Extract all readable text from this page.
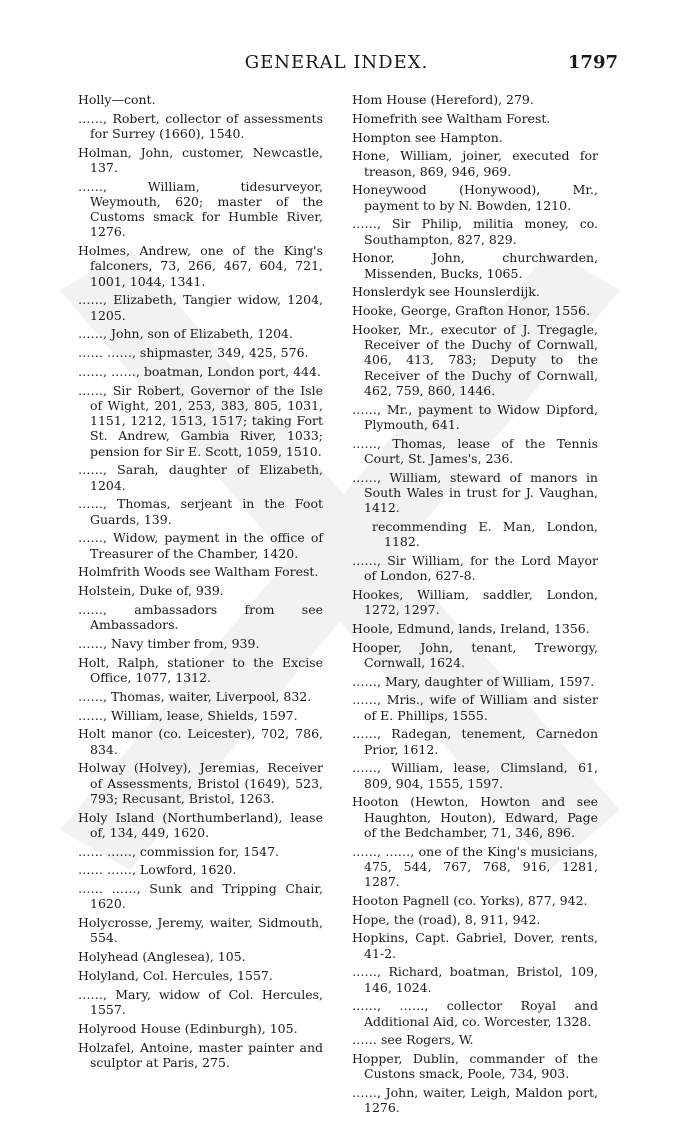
GENERAL INDEX.	1797
Holly—cont.
……, Robert, collector of assessments for Surrey (1660), 1540.
Holman, John, customer, Newcastle, 137.
……, William, tidesurveyor, Weymouth, 620; master of the Customs smack for Humble River, 1276.
Holmes, Andrew, one of the King's falconers, 73, 266, 467, 604, 721, 1001, 1044, 1341.
……, Elizabeth, Tangier widow, 1204, 1205.
……, John, son of Elizabeth, 1204.
…… ……, shipmaster, 349, 425, 576.
……, ……, boatman, London port, 444.
……, Sir Robert, Governor of the Isle of Wight, 201, 253, 383, 805, 1031, 1151, 1212, 1513, 1517; taking Fort St. Andrew, Gambia River, 1033; pension for Sir E. Scott, 1059, 1510.
……, Sarah, daughter of Elizabeth, 1204.
……, Thomas, serjeant in the Foot Guards, 139.
……, Widow, payment in the office of Treasurer of the Chamber, 1420.
Holmfrith Woods see Waltham Forest.
Holstein, Duke of, 939.
……, ambassadors from see Ambassadors.
……, Navy timber from, 939.
Holt, Ralph, stationer to the Excise Office, 1077, 1312.
……, Thomas, waiter, Liverpool, 832.
……, William, lease, Shields, 1597.
Holt manor (co. Leicester), 702, 786, 834.
Holway (Holvey), Jeremias, Receiver of Assessments, Bristol (1649), 523, 793; Recusant, Bristol, 1263.
Holy Island (Northumberland), lease of, 134, 449, 1620.
…… ……, commission for, 1547.
…… ……, Lowford, 1620.
…… ……, Sunk and Tripping Chair, 1620.
Holycrosse, Jeremy, waiter, Sidmouth, 554.
Holyhead (Anglesea), 105.
Holyland, Col. Hercules, 1557.
……, Mary, widow of Col. Hercules, 1557.
Holyrood House (Edinburgh), 105.
Holzafel, Antoine, master painter and sculptor at Paris, 275.
Hom House (Hereford), 279.
Homefrith see Waltham Forest.
Hompton see Hampton.
Hone, William, joiner, executed for treason, 869, 946, 969.
Honeywood (Honywood), Mr., payment to by N. Bowden, 1210.
……, Sir Philip, militia money, co. Southampton, 827, 829.
Honor, John, churchwarden, Missenden, Bucks, 1065.
Honslerdyk see Hounslerdijk.
Hooke, George, Grafton Honor, 1556.
Hooker, Mr., executor of J. Tregagle, Receiver of the Duchy of Cornwall, 406, 413, 783; Deputy to the Receiver of the Duchy of Cornwall, 462, 759, 860, 1446.
……, Mr., payment to Widow Dipford, Plymouth, 641.
……, Thomas, lease of the Tennis Court, St. James's, 236.
……, William, steward of manors in South Wales in trust for J. Vaughan, 1412.
recommending E. Man, London, 1182.
……, Sir William, for the Lord Mayor of London, 627-8.
Hookes, William, saddler, London, 1272, 1297.
Hoole, Edmund, lands, Ireland, 1356.
Hooper, John, tenant, Treworgy, Cornwall, 1624.
……, Mary, daughter of William, 1597.
……, Mris., wife of William and sister of E. Phillips, 1555.
……, Radegan, tenement, Carnedon Prior, 1612.
……, William, lease, Climsland, 61, 809, 904, 1555, 1597.
Hooton (Hewton, Howton and see Haughton, Houton), Edward, Page of the Bedchamber, 71, 346, 896.
……, ……, one of the King's musicians, 475, 544, 767, 768, 916, 1281, 1287.
Hooton Pagnell (co. Yorks), 877, 942.
Hope, the (road), 8, 911, 942.
Hopkins, Capt. Gabriel, Dover, rents, 41-2.
……, Richard, boatman, Bristol, 109, 146, 1024.
……, ……, collector Royal and Additional Aid, co. Worcester, 1328.
…… see Rogers, W.
Hopper, Dublin, commander of the Custons smack, Poole, 734, 903.
……, John, waiter, Leigh, Maldon port, 1276.
